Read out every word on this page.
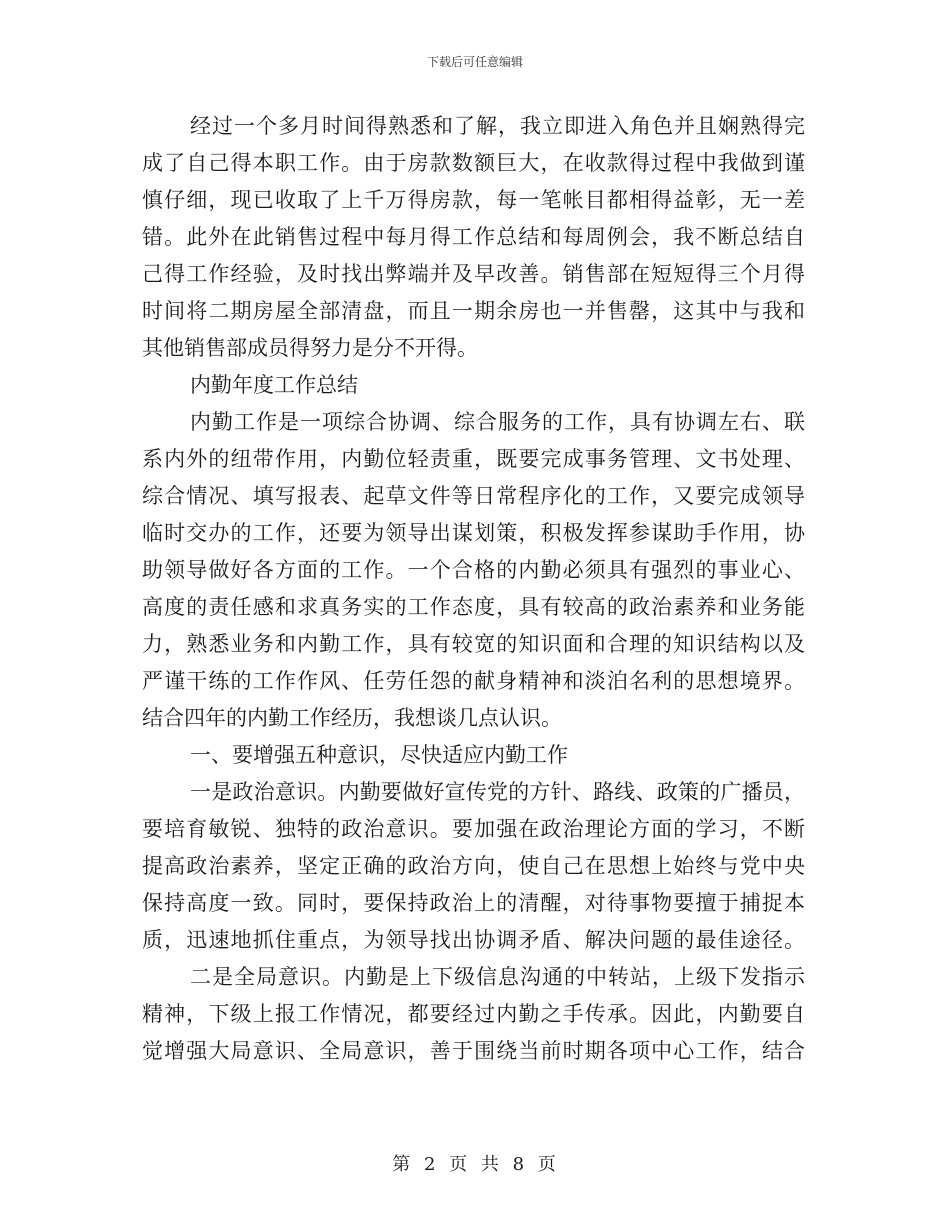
下载后可任意编辑
经过一个多月时间得熟悉和了解，我立即进入角色并且娴熟得完
成了自己得本职工作。由于房款数额巨大，在收款得过程中我做到谨
慎仔细，现已收取了上千万得房款，每一笔帐目都相得益彰，无一差
错。此外在此销售过程中每月得工作总结和每周例会，我不断总结自
己得工作经验，及时找出弊端并及早改善。销售部在短短得三个月得
时间将二期房屋全部清盘，而且一期余房也一并售罄，这其中与我和
其他销售部成员得努力是分不开得。
内勤年度工作总结
内勤工作是一项综合协调、综合服务的工作，具有协调左右、联
系内外的纽带作用，内勤位轻责重，既要完成事务管理、文书处理、
综合情况、填写报表、起草文件等日常程序化的工作，又要完成领导
临时交办的工作，还要为领导出谋划策，积极发挥参谋助手作用，协
助领导做好各方面的工作。一个合格的内勤必须具有强烈的事业心、
高度的责任感和求真务实的工作态度，具有较高的政治素养和业务能
力，熟悉业务和内勤工作，具有较宽的知识面和合理的知识结构以及
严谨干练的工作作风、任劳任怨的献身精神和淡泊名利的思想境界。
结合四年的内勤工作经历，我想谈几点认识。
一、要增强五种意识，尽快适应内勤工作
一是政治意识。内勤要做好宣传党的方针、路线、政策的广播员，
要培育敏锐、独特的政治意识。要加强在政治理论方面的学习，不断
提高政治素养，坚定正确的政治方向，使自己在思想上始终与党中央
保持高度一致。同时，要保持政治上的清醒，对待事物要擅于捕捉本
质，迅速地抓住重点，为领导找出协调矛盾、解决问题的最佳途径。
二是全局意识。内勤是上下级信息沟通的中转站，上级下发指示
精神，下级上报工作情况，都要经过内勤之手传承。因此，内勤要自
觉增强大局意识、全局意识，善于围绕当前时期各项中心工作，结合
第 2 页 共 8 页
